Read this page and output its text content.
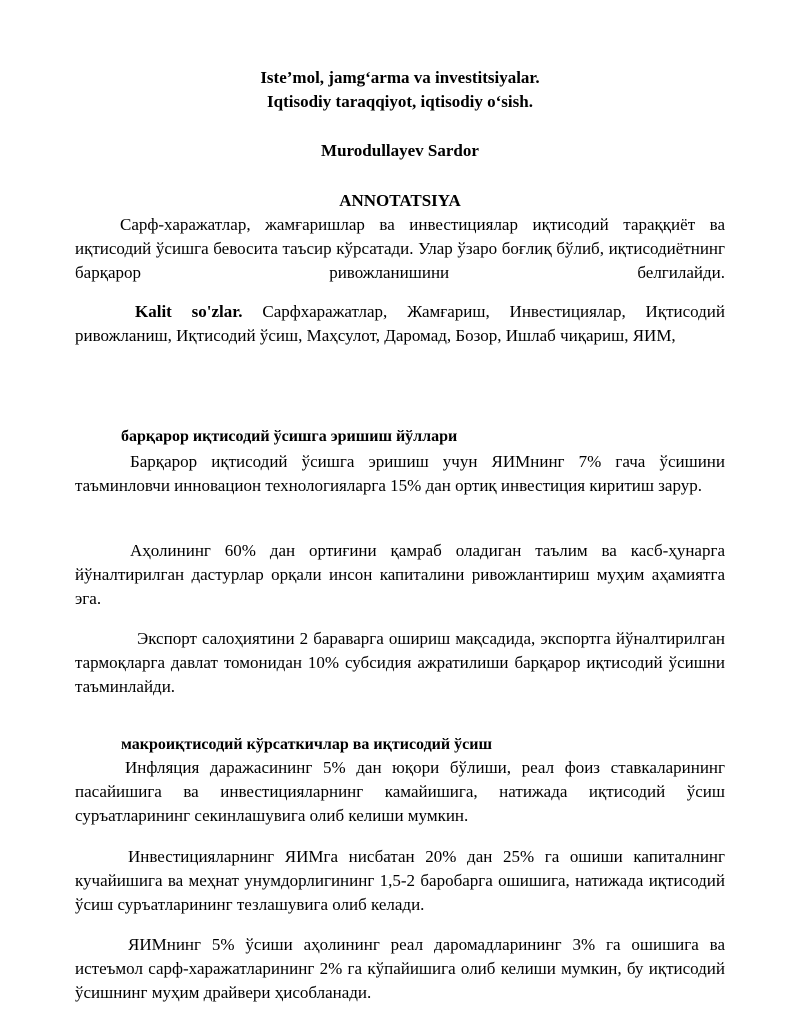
Iste’mol, jamg‘arma va investitsiyalar.
Iqtisodiy taraqqiyot, iqtisodiy o‘sish.
Murodullayev Sardor
ANNOTATSIYA
Сарф-харажатлар, жамғаришлар ва инвестициялар иқтисодий тараққиёт ва иқтисодий ўсишга бевосита таъсир кўрсатади. Улар ўзаро боғлиқ бўлиб, иқтисодиётнинг барқарор ривожланишини белгилайди.
Kalit so'zlar. Сарфхаражатлар, Жамғариш, Инвестициялар, Иқтисодий ривожланиш, Иқтисодий ўсиш, Маҳсулот, Даромад, Бозор, Ишлаб чиқариш, ЯИМ,
барқарор иқтисодий ўсишга эришиш йўллари
Барқарор иқтисодий ўсишга эришиш учун ЯИМнинг 7% гача ўсишини таъминловчи инновацион технологияларга 15% дан ортиқ инвестиция киритиш зарур.
Аҳолининг 60% дан ортиғини қамраб оладиган таълим ва касб-ҳунарга йўналтирилган дастурлар орқали инсон капиталини ривожлантириш муҳим аҳамиятга эга.
Экспорт салоҳиятини 2 бараварга ошириш мақсадида, экспортга йўналтирилган тармоқларга давлат томонидан 10% субсидия ажратилиши барқарор иқтисодий ўсишни таъминлайди.
макроиқтисодий кўрсаткичлар ва иқтисодий ўсиш
Инфляция даражасининг 5% дан юқори бўлиши, реал фоиз ставкаларининг пасайишига ва инвестицияларнинг камайишига, натижада иқтисодий ўсиш суръатларининг секинлашувига олиб келиши мумкин.
Инвестицияларнинг ЯИМга нисбатан 20% дан 25% га ошиши капиталнинг кучайишига ва меҳнат унумдорлигининг 1,5-2 баробарга ошишига, натижада иқтисодий ўсиш суръатларининг тезлашувига олиб келади.
ЯИМнинг 5% ўсиши аҳолининг реал даромадларининг 3% га ошишига ва истеъмол сарф-харажатларининг 2% га кўпайишига олиб келиши мумкин, бу иқтисодий ўсишнинг муҳим драйвери ҳисобланади.
